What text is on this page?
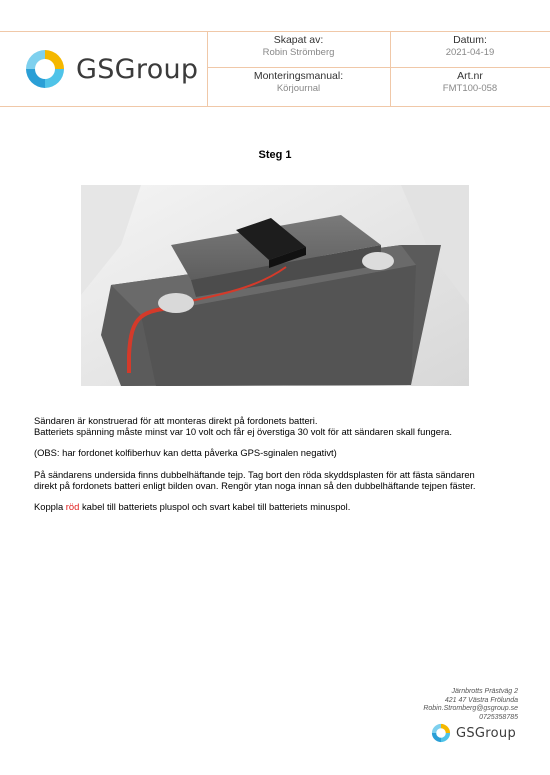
GSGroup
Skapat av:
Robin Strömberg
Datum:
2021-04-19
Monteringsmanual:
Körjournal
Art.nr
FMT100-058
Steg 1

Sändaren är konstruerad för att monteras direkt på fordonets batteri.
Batteriets spänning måste minst var 10 volt och får ej överstiga 30 volt för att sändaren skall fungera.

(OBS: har fordonet kolfiberhuv kan detta påverka GPS-sginalen negativt)

På sändarens undersida finns dubbelhäftande tejp. Tag bort den röda skyddsplasten för att fästa sändaren
direkt på fordonets batteri enligt bilden ovan. Rengör ytan noga innan så den dubbelhäftande tejpen fäster.

Koppla röd kabel till batteriets pluspol och svart kabel till batteriets minuspol.

Järnbrotts Prästväg 2
421 47 Västra Frölunda
Robin.Stromberg@gsgroup.se
0725358785
GSGroup
